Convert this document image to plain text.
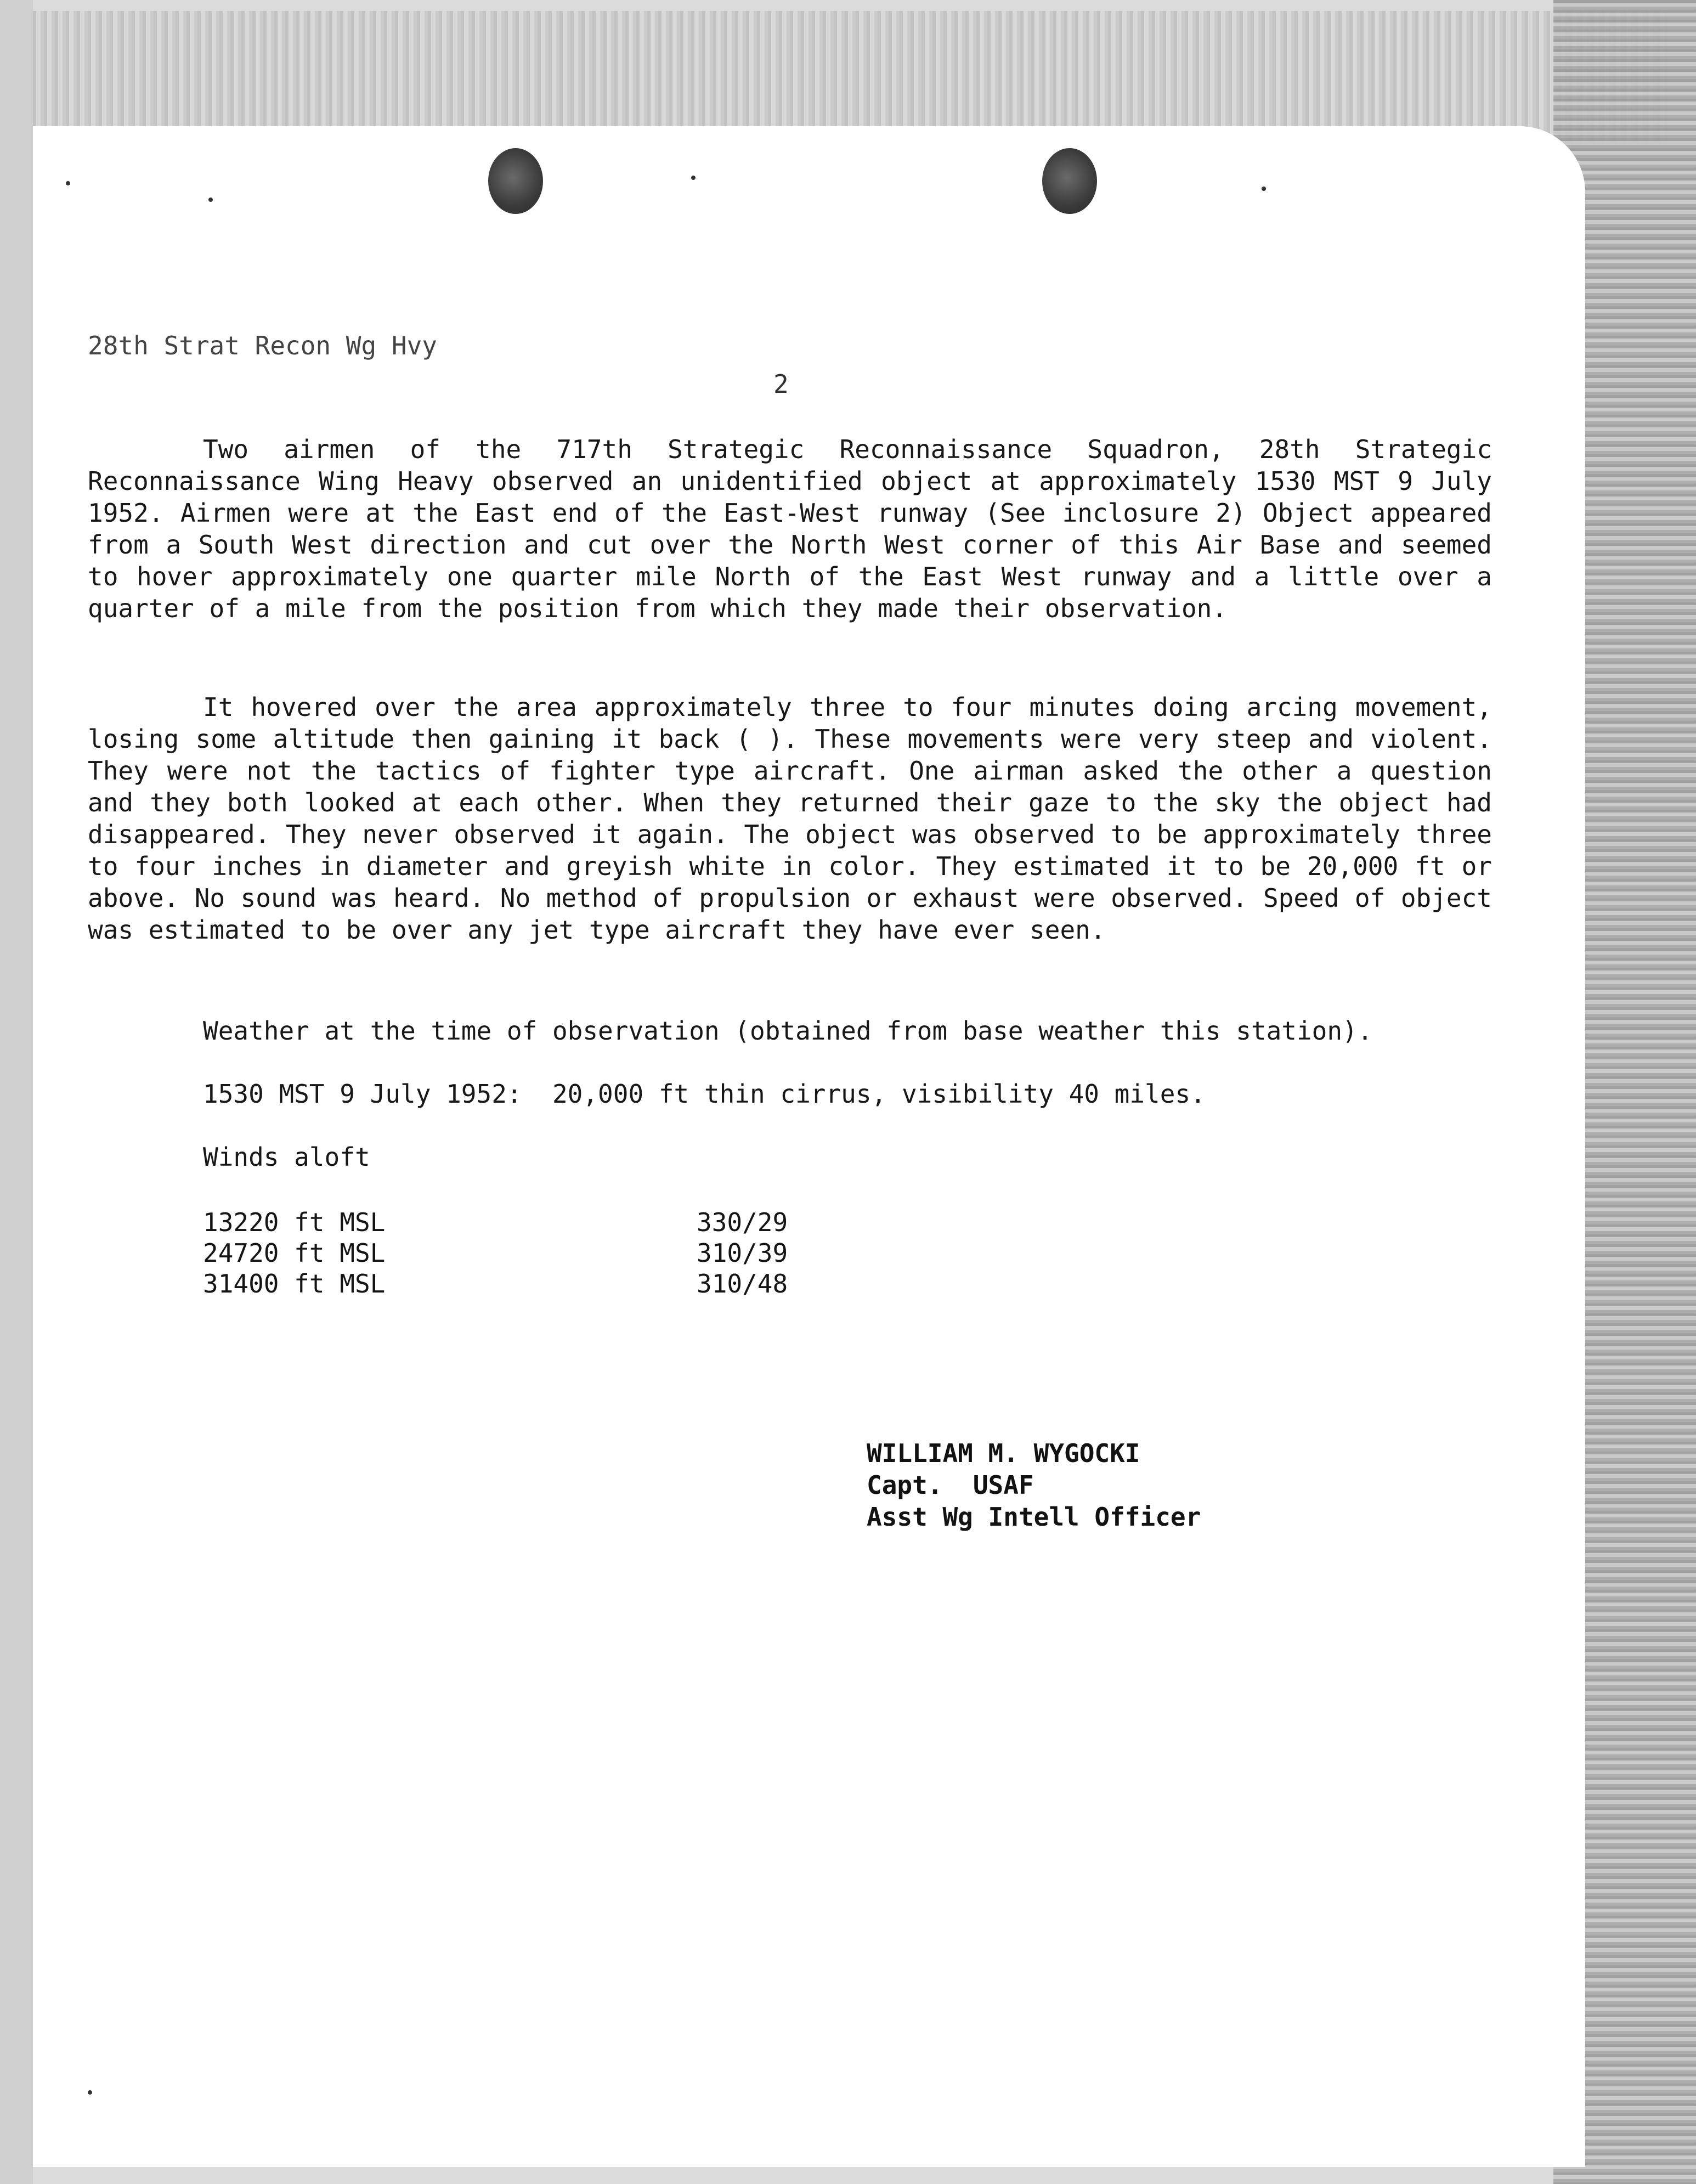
28th Strat Recon Wg Hvy
2
Two airmen of the 717th Strategic Reconnaissance Squadron, 28th Strategic Reconnaissance Wing Heavy observed an unidentified object at approximately 1530 MST 9 July 1952. Airmen were at the East end of the East-West runway (See inclosure 2) Object appeared from a South West direction and cut over the North West corner of this Air Base and seemed to hover approximately one quarter mile North of the East West runway and a little over a quarter of a mile from the position from which they made their observation.
It hovered over the area approximately three to four minutes doing arcing movement, losing some altitude then gaining it back ( ). These movements were very steep and violent. They were not the tactics of fighter type aircraft. One airman asked the other a question and they both looked at each other. When they returned their gaze to the sky the object had disappeared. They never observed it again. The object was observed to be approximately three to four inches in diameter and greyish white in color. They estimated it to be 20,000 ft or above. No sound was heard. No method of propulsion or exhaust were observed. Speed of object was estimated to be over any jet type aircraft they have ever seen.
Weather at the time of observation (obtained from base weather this station).
1530 MST 9 July 1952:  20,000 ft thin cirrus, visibility 40 miles.
Winds aloft
13220 ft MSL	330/29
24720 ft MSL	310/39
31400 ft MSL	310/48
WILLIAM M. WYGOCKI
Capt.  USAF
Asst Wg Intell Officer
